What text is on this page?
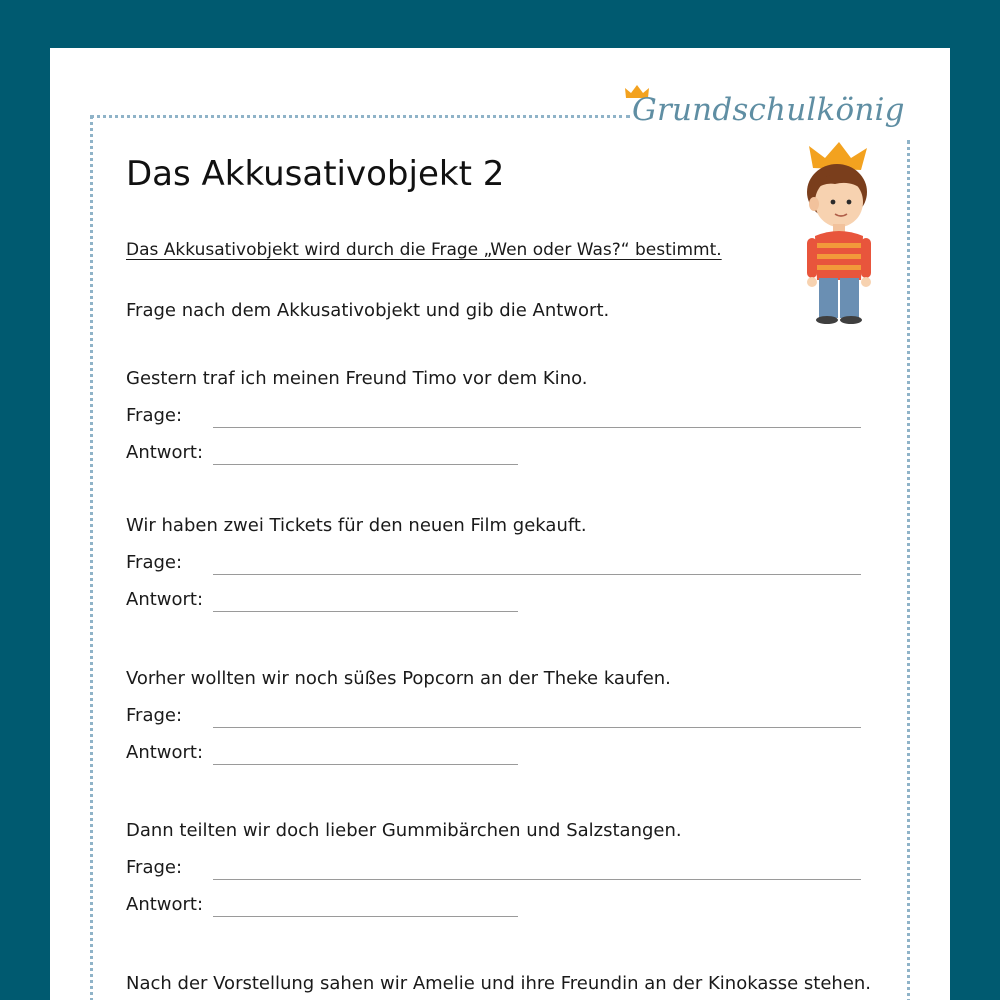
Grundschulkönig
Das Akkusativobjekt 2
Das Akkusativobjekt wird durch die Frage „Wen oder Was?“ bestimmt.
Frage nach dem Akkusativobjekt und gib die Antwort.
Gestern traf ich meinen Freund Timo vor dem Kino.
Frage:
Antwort:
Wir haben zwei Tickets für den neuen Film gekauft.
Frage:
Antwort:
Vorher wollten wir noch süßes Popcorn an der Theke kaufen.
Frage:
Antwort:
Dann teilten wir doch lieber Gummibärchen und Salzstangen.
Frage:
Antwort:
Nach der Vorstellung sahen wir Amelie und ihre Freundin an der Kinokasse stehen.
